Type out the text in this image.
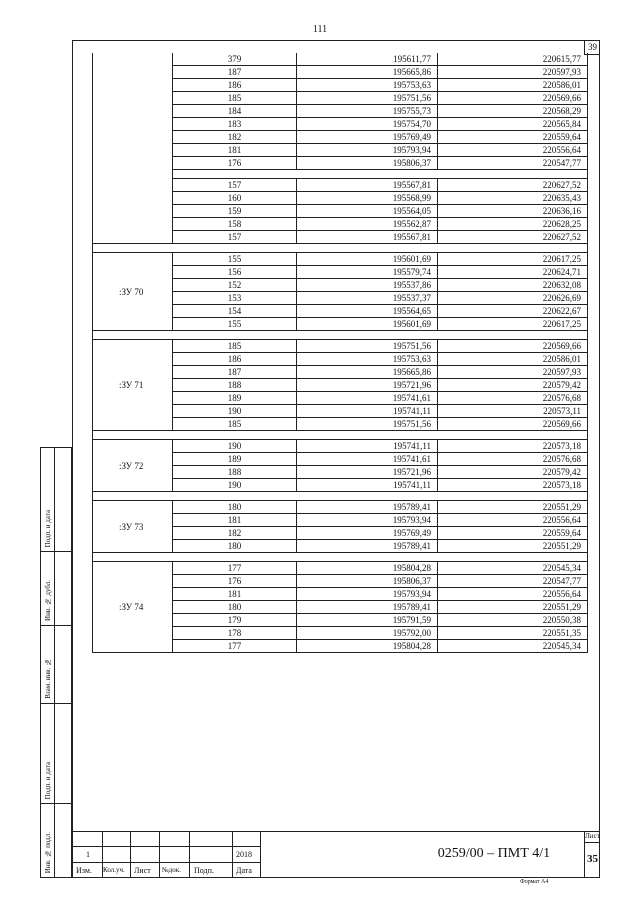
111
39
	379	195611,77	220615,77
	187	195665,86	220597,93
	186	195753,63	220586,01
	185	195751,56	220569,66
	184	195755,73	220568,29
	183	195754,70	220565,84
	182	195769,49	220559,64
	181	195793,94	220556,64
	176	195806,37	220547,77

	157	195567,81	220627,52
	160	195568,99	220635,43
	159	195564,05	220636,16
	158	195562,87	220628,25
	157	195567,81	220627,52

:ЗУ 70	155	195601,69	220617,25
	156	195579,74	220624,71
	152	195537,86	220632,08
	153	195537,37	220626,69
	154	195564,65	220622,67
	155	195601,69	220617,25

:ЗУ 71	185	195751,56	220569,66
	186	195753,63	220586,01
	187	195665,86	220597,93
	188	195721,96	220579,42
	189	195741,61	220576,68
	190	195741,11	220573,11
	185	195751,56	220569,66

:ЗУ 72	190	195741,11	220573,18
	189	195741,61	220576,68
	188	195721,96	220579,42
	190	195741,11	220573,18

:ЗУ 73	180	195789,41	220551,29
	181	195793,94	220556,64
	182	195769,49	220559,64
	180	195789,41	220551,29

:ЗУ 74	177	195804,28	220545,34
	176	195806,37	220547,77
	181	195793,94	220556,64
	180	195789,41	220551,29
	179	195791,59	220550,38
	178	195792,00	220551,35
	177	195804,28	220545,34
Подп. и дата
Инв. № дубл.
Взам. инв. №
Подп. и дата
Инв. № подл.	1	2018
Изм. Кол.уч. Лист №док. Подп.	Дата
0259/00 – ПМТ 4/1
Лист
35
Формат А4
